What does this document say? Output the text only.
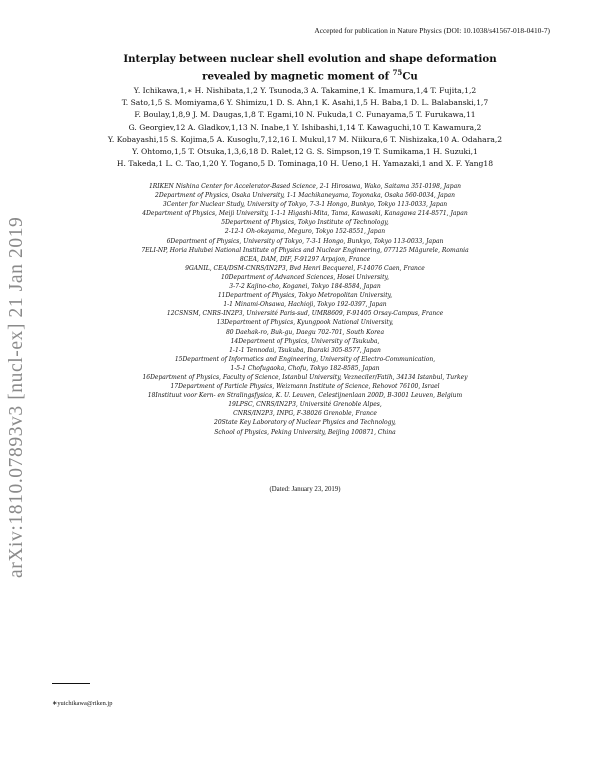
Accepted for publication in Nature Physics (DOI: 10.1038/s41567-018-0410-7)
arXiv:1810.07893v3 [nucl-ex] 21 Jan 2019
Interplay between nuclear shell evolution and shape deformation
revealed by magnetic moment of $^{75}$Cu
Y. Ichikawa,1,∗ H. Nishibata,1,2 Y. Tsunoda,3 A. Takamine,1 K. Imamura,1,4 T. Fujita,1,2
T. Sato,1,5 S. Momiyama,6 Y. Shimizu,1 D. S. Ahn,1 K. Asahi,1,5 H. Baba,1 D. L. Balabanski,1,7
F. Boulay,1,8,9 J. M. Daugas,1,8 T. Egami,10 N. Fukuda,1 C. Funayama,5 T. Furukawa,11
G. Georgiev,12 A. Gladkov,1,13 N. Inabe,1 Y. Ishibashi,1,14 T. Kawaguchi,10 T. Kawamura,2
Y. Kobayashi,15 S. Kojima,5 A. Kusoglu,7,12,16 I. Mukul,17 M. Niikura,6 T. Nishizaka,10 A. Odahara,2
Y. Ohtomo,1,5 T. Otsuka,1,3,6,18 D. Ralet,12 G. S. Simpson,19 T. Sumikama,1 H. Suzuki,1
H. Takeda,1 L. C. Tao,1,20 Y. Togano,5 D. Tominaga,10 H. Ueno,1 H. Yamazaki,1 and X. F. Yang18
1RIKEN Nishina Center for Accelerator-Based Science, 2-1 Hirosawa, Wako, Saitama 351-0198, Japan
2Department of Physics, Osaka University, 1-1 Machikaneyama, Toyonaka, Osaka 560-0034, Japan
3Center for Nuclear Study, University of Tokyo, 7-3-1 Hongo, Bunkyo, Tokyo 113-0033, Japan
4Department of Physics, Meiji University, 1-1-1 Higashi-Mita, Tama, Kawasaki, Kanagawa 214-8571, Japan
5Department of Physics, Tokyo Institute of Technology,
2-12-1 Oh-okayama, Meguro, Tokyo 152-8551, Japan
6Department of Physics, University of Tokyo, 7-3-1 Hongo, Bunkyo, Tokyo 113-0033, Japan
7ELI-NP, Horia Hulubei National Institute of Physics and Nuclear Engineering, 077125 Măgurele, Romania
8CEA, DAM, DIF, F-91297 Arpajon, France
9GANIL, CEA/DSM-CNRS/IN2P3, Bvd Henri Becquerel, F-14076 Caen, France
10Department of Advanced Sciences, Hosei University,
3-7-2 Kajino-cho, Koganei, Tokyo 184-8584, Japan
11Department of Physics, Tokyo Metropolitan University,
1-1 Minami-Ohsawa, Hachioji, Tokyo 192-0397, Japan
12CSNSM, CNRS-IN2P3, Université Paris-sud, UMR8609, F-91405 Orsay-Campus, France
13Department of Physics, Kyungpook National University,
80 Daehak-ro, Buk-gu, Daegu 702-701, South Korea
14Department of Physics, University of Tsukuba,
1-1-1 Tennodai, Tsukuba, Ibaraki 305-8577, Japan
15Department of Informatics and Engineering, University of Electro-Communication,
1-5-1 Chofugaoka, Chofu, Tokyo 182-8585, Japan
16Department of Physics, Faculty of Science, Istanbul University, Vezneciler/Fatih, 34134 Istanbul, Turkey
17Department of Particle Physics, Weizmann Institute of Science, Rehovot 76100, Israel
18Instituut voor Kern- en Stralingsfysica, K. U. Leuven, Celestijnenlaan 200D, B-3001 Leuven, Belgium
19LPSC, CNRS/IN2P3, Université Grenoble Alpes,
CNRS/IN2P3, INPG, F-38026 Grenoble, France
20State Key Laboratory of Nuclear Physics and Technology,
School of Physics, Peking University, Beijing 100871, China
(Dated: January 23, 2019)
∗yuichikawa@riken.jp
